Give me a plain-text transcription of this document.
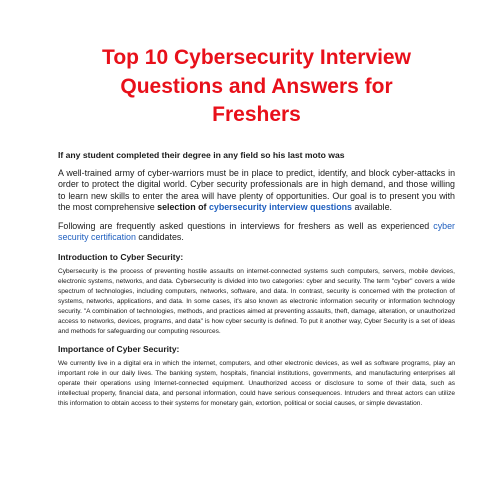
Top 10 Cybersecurity Interview
Questions and Answers for
Freshers

If any student completed their degree in any field so his last moto was

A well-trained army of cyber-warriors must be in place to predict, identify, and block cyber-attacks in order to protect the digital world. Cyber security professionals are in high demand, and those willing to learn new skills to enter the area will have plenty of opportunities. Our goal is to present you with the most comprehensive selection of cybersecurity interview questions available.

Following are frequently asked questions in interviews for freshers as well as experienced cyber security certification candidates.

Introduction to Cyber Security:

Cybersecurity is the process of preventing hostile assaults on internet-connected systems such computers, servers, mobile devices, electronic systems, networks, and data. Cybersecurity is divided into two categories: cyber and security. The term "cyber" covers a wide spectrum of technologies, including computers, networks, software, and data. In contrast, security is concerned with the protection of systems, networks, applications, and data. In some cases, it's also known as electronic information security or information technology security. "A combination of technologies, methods, and practices aimed at preventing assaults, theft, damage, alteration, or unauthorized access to networks, devices, programs, and data" is how cyber security is defined. To put it another way, Cyber Security is a set of ideas and methods for safeguarding our computing resources.

Importance of Cyber Security:

We currently live in a digital era in which the internet, computers, and other electronic devices, as well as software programs, play an important role in our daily lives. The banking system, hospitals, financial institutions, governments, and manufacturing enterprises all operate their operations using Internet-connected equipment. Unauthorized access or disclosure to some of their data, such as intellectual property, financial data, and personal information, could have serious consequences. Intruders and threat actors can utilize this information to obtain access to their systems for monetary gain, extortion, political or social causes, or simple devastation.
